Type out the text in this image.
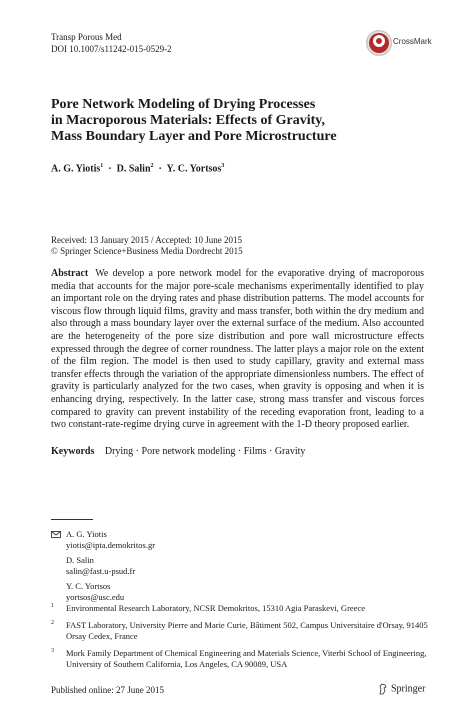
Transp Porous Med
DOI 10.1007/s11242-015-0529-2
CrossMark
Pore Network Modeling of Drying Processes
in Macroporous Materials: Effects of Gravity,
Mass Boundary Layer and Pore Microstructure
A. G. Yiotis$^1$ · D. Salin$^2$ · Y. C. Yortsos$^3$
Received: 13 January 2015 / Accepted: 10 June 2015
© Springer Science+Business Media Dordrecht 2015
Abstract We develop a pore network model for the evaporative drying of macroporous media that accounts for the major pore-scale mechanisms experimentally identified to play an important role on the drying rates and phase distribution patterns. The model accounts for viscous flow through liquid films, gravity and mass transfer, both within the dry medium and also through a mass boundary layer over the external surface of the medium. Also accounted are the heterogeneity of the pore size distribution and pore wall microstructure effects expressed through the degree of corner roundness. The latter plays a major role on the extent of the film region. The model is then used to study capillary, gravity and external mass transfer effects through the variation of the appropriate dimensionless numbers. The effect of gravity is particularly analyzed for the two cases, when gravity is opposing and when it is enhancing drying, respectively. In the latter case, strong mass transfer and viscous forces compared to gravity can prevent instability of the receding evaporation front, leading to a two constant-rate-regime drying curve in agreement with the 1-D theory proposed earlier.
Keywords Drying · Pore network modeling · Films · Gravity
A. G. Yiotis
yiotis@ipta.demokritos.gr
D. Salin
salin@fast.u-psud.fr
Y. C. Yortsos
yortsos@usc.edu
1 Environmental Research Laboratory, NCSR Demokritos, 15310 Agia Paraskevi, Greece
2 FAST Laboratory, University Pierre and Marie Curie, Bâtiment 502, Campus Universitaire d'Orsay, 91405 Orsay Cedex, France
3 Mork Family Department of Chemical Engineering and Materials Science, Viterbi School of Engineering, University of Southern California, Los Angeles, CA 90089, USA
Published online: 27 June 2015	Springer
